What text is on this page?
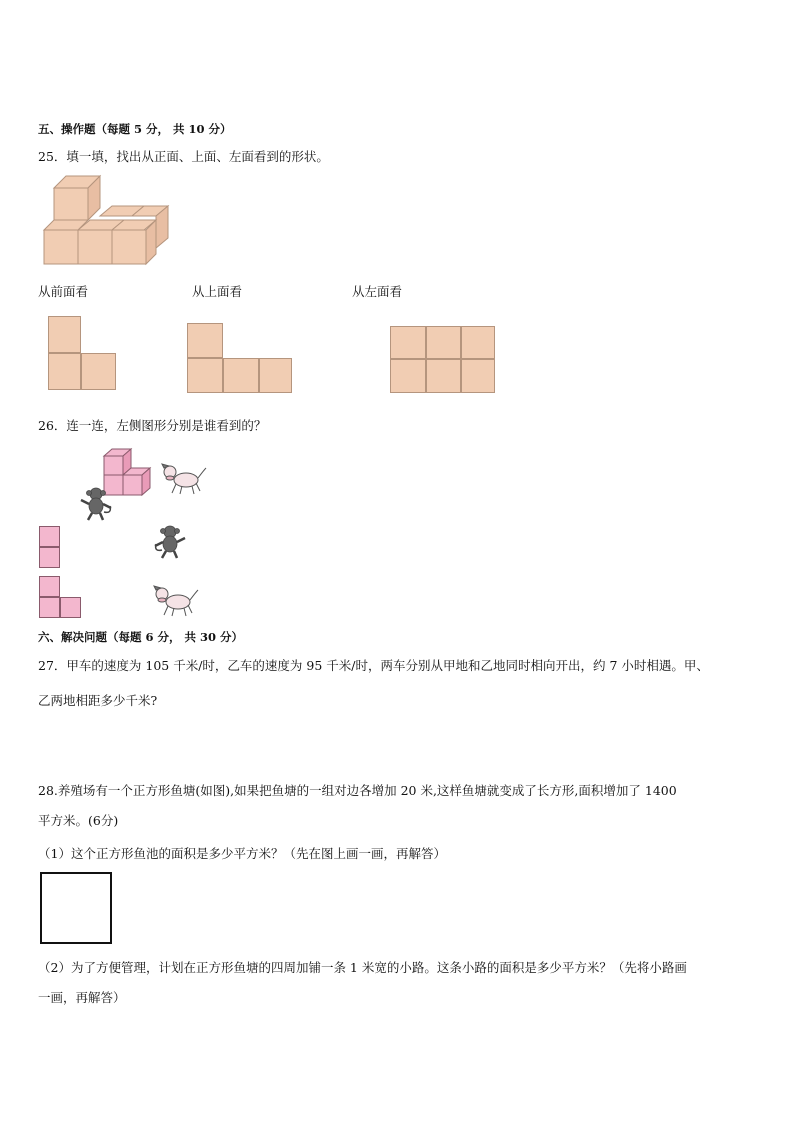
五、操作题（每题 5 分， 共 10 分）
25．填一填，找出从正面、上面、左面看到的形状。
从前面看	从上面看	从左面看
26．连一连，左侧图形分别是谁看到的？
六、解决问题（每题 6 分， 共 30 分）
27．甲车的速度为 105 千米/时，乙车的速度为 95 千米/时，两车分别从甲地和乙地同时相向开出，约 7 小时相遇。甲、
乙两地相距多少千米?
28.养殖场有一个正方形鱼塘(如图),如果把鱼塘的一组对边各增加 20 米,这样鱼塘就变成了长方形,面积增加了 1400
平方米。(6分)
（1）这个正方形鱼池的面积是多少平方米？（先在图上画一画，再解答）
（2）为了方便管理，计划在正方形鱼塘的四周加铺一条 1 米宽的小路。这条小路的面积是多少平方米？（先将小路画
一画，再解答）
